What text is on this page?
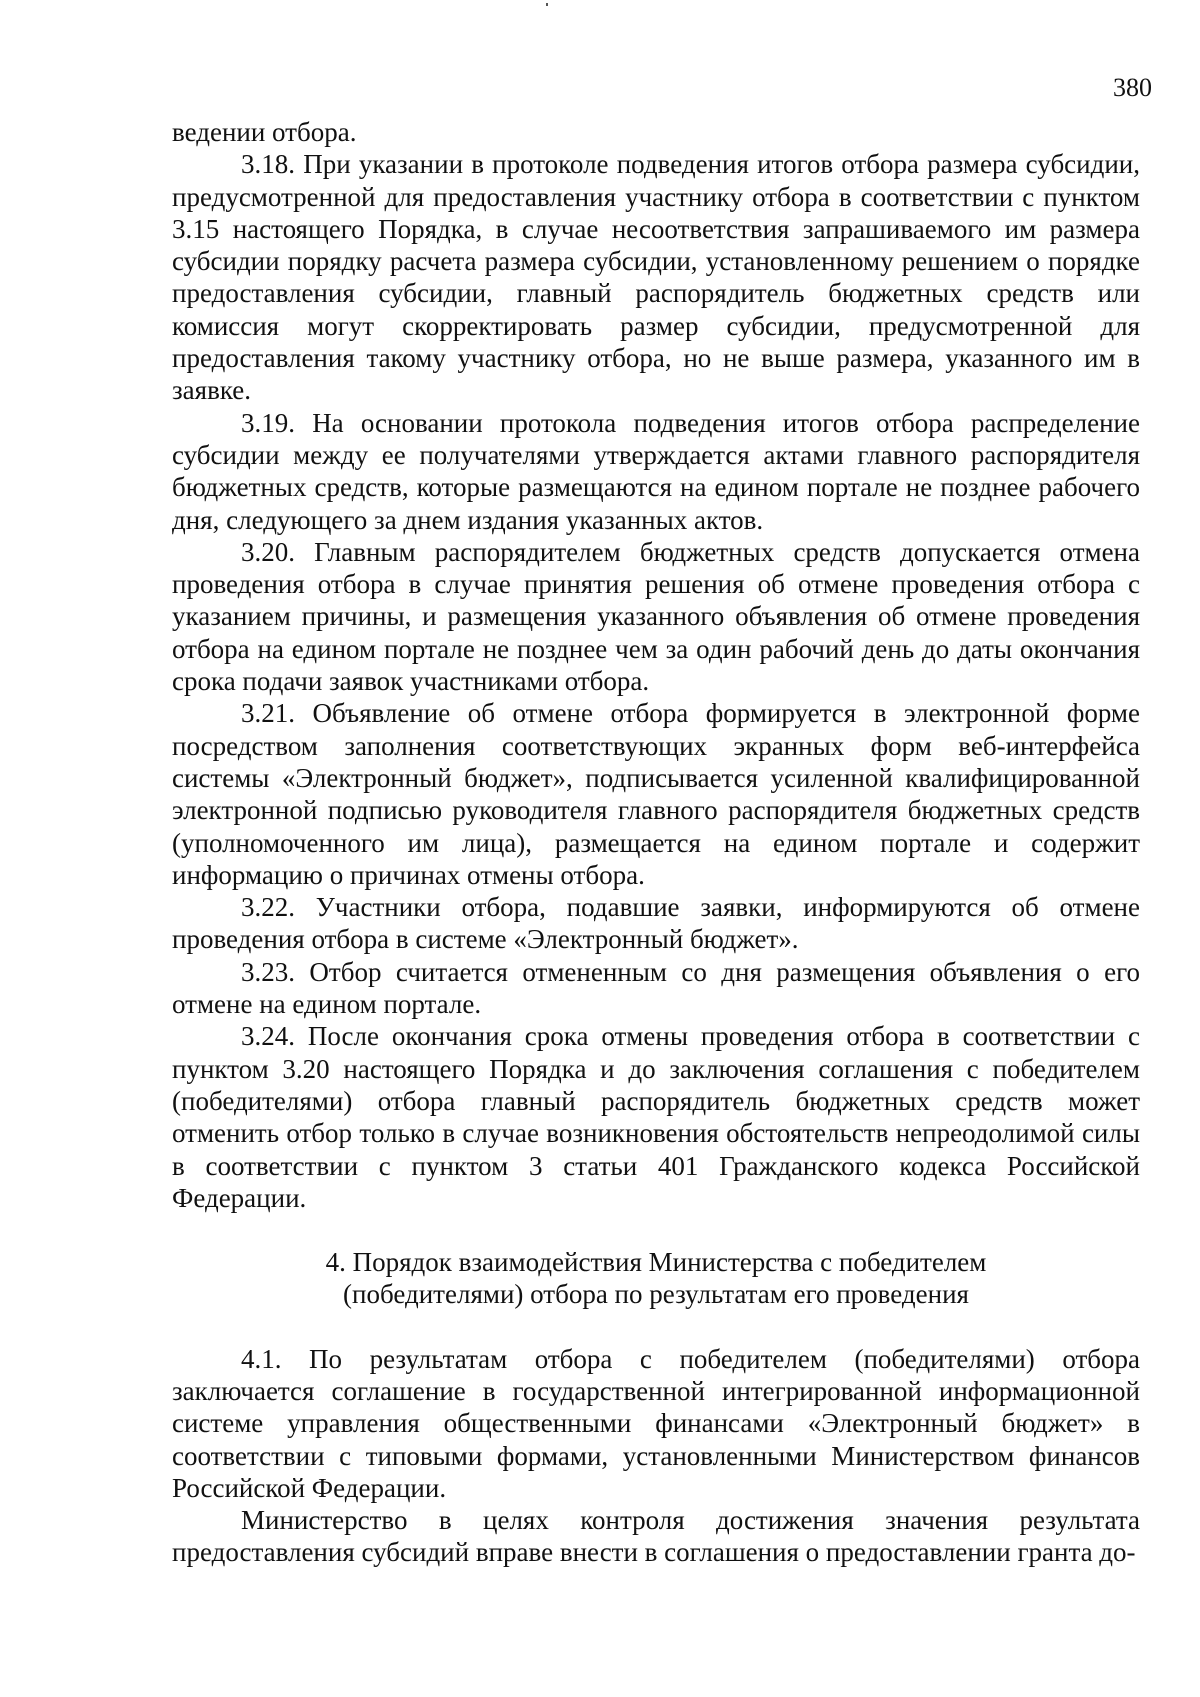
380

ведении отбора.

3.18. При указании в протоколе подведения итогов отбора размера субсидии, предусмотренной для предоставления участнику отбора в соответствии с пунктом 3.15 настоящего Порядка, в случае несоответствия запрашиваемого им размера субсидии порядку расчета размера субсидии, установленному решением о порядке предоставления субсидии, главный распорядитель бюджетных средств или комиссия могут скорректировать размер субсидии, предусмотренной для предоставления такому участнику отбора, но не выше размера, указанного им в заявке.

3.19. На основании протокола подведения итогов отбора распределение субсидии между ее получателями утверждается актами главного распорядителя бюджетных средств, которые размещаются на едином портале не позднее рабочего дня, следующего за днем издания указанных актов.

3.20. Главным распорядителем бюджетных средств допускается отмена проведения отбора в случае принятия решения об отмене проведения отбора с указанием причины, и размещения указанного объявления об отмене проведения отбора на едином портале не позднее чем за один рабочий день до даты окончания срока подачи заявок участниками отбора.

3.21. Объявление об отмене отбора формируется в электронной форме посредством заполнения соответствующих экранных форм веб-интерфейса системы «Электронный бюджет», подписывается усиленной квалифицированной электронной подписью руководителя главного распорядителя бюджетных средств (уполномоченного им лица), размещается на едином портале и содержит информацию о причинах отмены отбора.

3.22. Участники отбора, подавшие заявки, информируются об отмене проведения отбора в системе «Электронный бюджет».

3.23. Отбор считается отмененным со дня размещения объявления о его отмене на едином портале.

3.24. После окончания срока отмены проведения отбора в соответствии с пунктом 3.20 настоящего Порядка и до заключения соглашения с победителем (победителями) отбора главный распорядитель бюджетных средств может отменить отбор только в случае возникновения обстоятельств непреодолимой силы в соответствии с пунктом 3 статьи 401 Гражданского кодекса Российской Федерации.

4. Порядок взаимодействия Министерства с победителем
(победителями) отбора по результатам его проведения

4.1. По результатам отбора с победителем (победителями) отбора заключается соглашение в государственной интегрированной информационной системе управления общественными финансами «Электронный бюджет» в соответствии с типовыми формами, установленными Министерством финансов Российской Федерации.

Министерство в целях контроля достижения значения результата предоставления субсидий вправе внести в соглашения о предоставлении гранта до-
